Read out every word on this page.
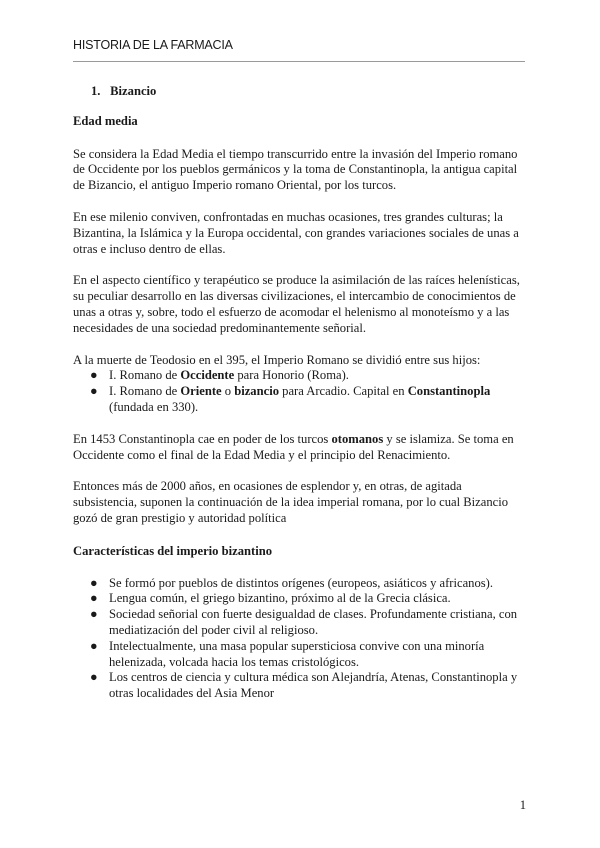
HISTORIA DE LA FARMACIA
1. Bizancio
Edad media

Se considera la Edad Media el tiempo transcurrido entre la invasión del Imperio romano de Occidente por los pueblos germánicos y la toma de Constantinopla, la antigua capital de Bizancio, el antiguo Imperio romano Oriental, por los turcos.

En ese milenio conviven, confrontadas en muchas ocasiones, tres grandes culturas; la Bizantina, la Islámica y la Europa occidental, con grandes variaciones sociales de unas a otras e incluso dentro de ellas.

En el aspecto científico y terapéutico se produce la asimilación de las raíces helenísticas, su peculiar desarrollo en las diversas civilizaciones, el intercambio de conocimientos de unas a otras y, sobre, todo el esfuerzo de acomodar el helenismo al monoteísmo y a las necesidades de una sociedad predominantemente señorial.

A la muerte de Teodosio en el 395, el Imperio Romano se dividió entre sus hijos:

● I. Romano de Occidente para Honorio (Roma).
● I. Romano de Oriente o bizancio para Arcadio. Capital en Constantinopla (fundada en 330).

En 1453 Constantinopla cae en poder de los turcos otomanos y se islamiza. Se toma en Occidente como el final de la Edad Media y el principio del Renacimiento.

Entonces más de 2000 años, en ocasiones de esplendor y, en otras, de agitada subsistencia, suponen la continuación de la idea imperial romana, por lo cual Bizancio gozó de gran prestigio y autoridad política

Características del imperio bizantino
● Se formó por pueblos de distintos orígenes (europeos, asiáticos y africanos).
● Lengua común, el griego bizantino, próximo al de la Grecia clásica.
● Sociedad señorial con fuerte desigualdad de clases. Profundamente cristiana, con mediatización del poder civil al religioso.
● Intelectualmente, una masa popular supersticiosa convive con una minoría helenizada, volcada hacia los temas cristológicos.
● Los centros de ciencia y cultura médica son Alejandría, Atenas, Constantinopla y otras localidades del Asia Menor
1
